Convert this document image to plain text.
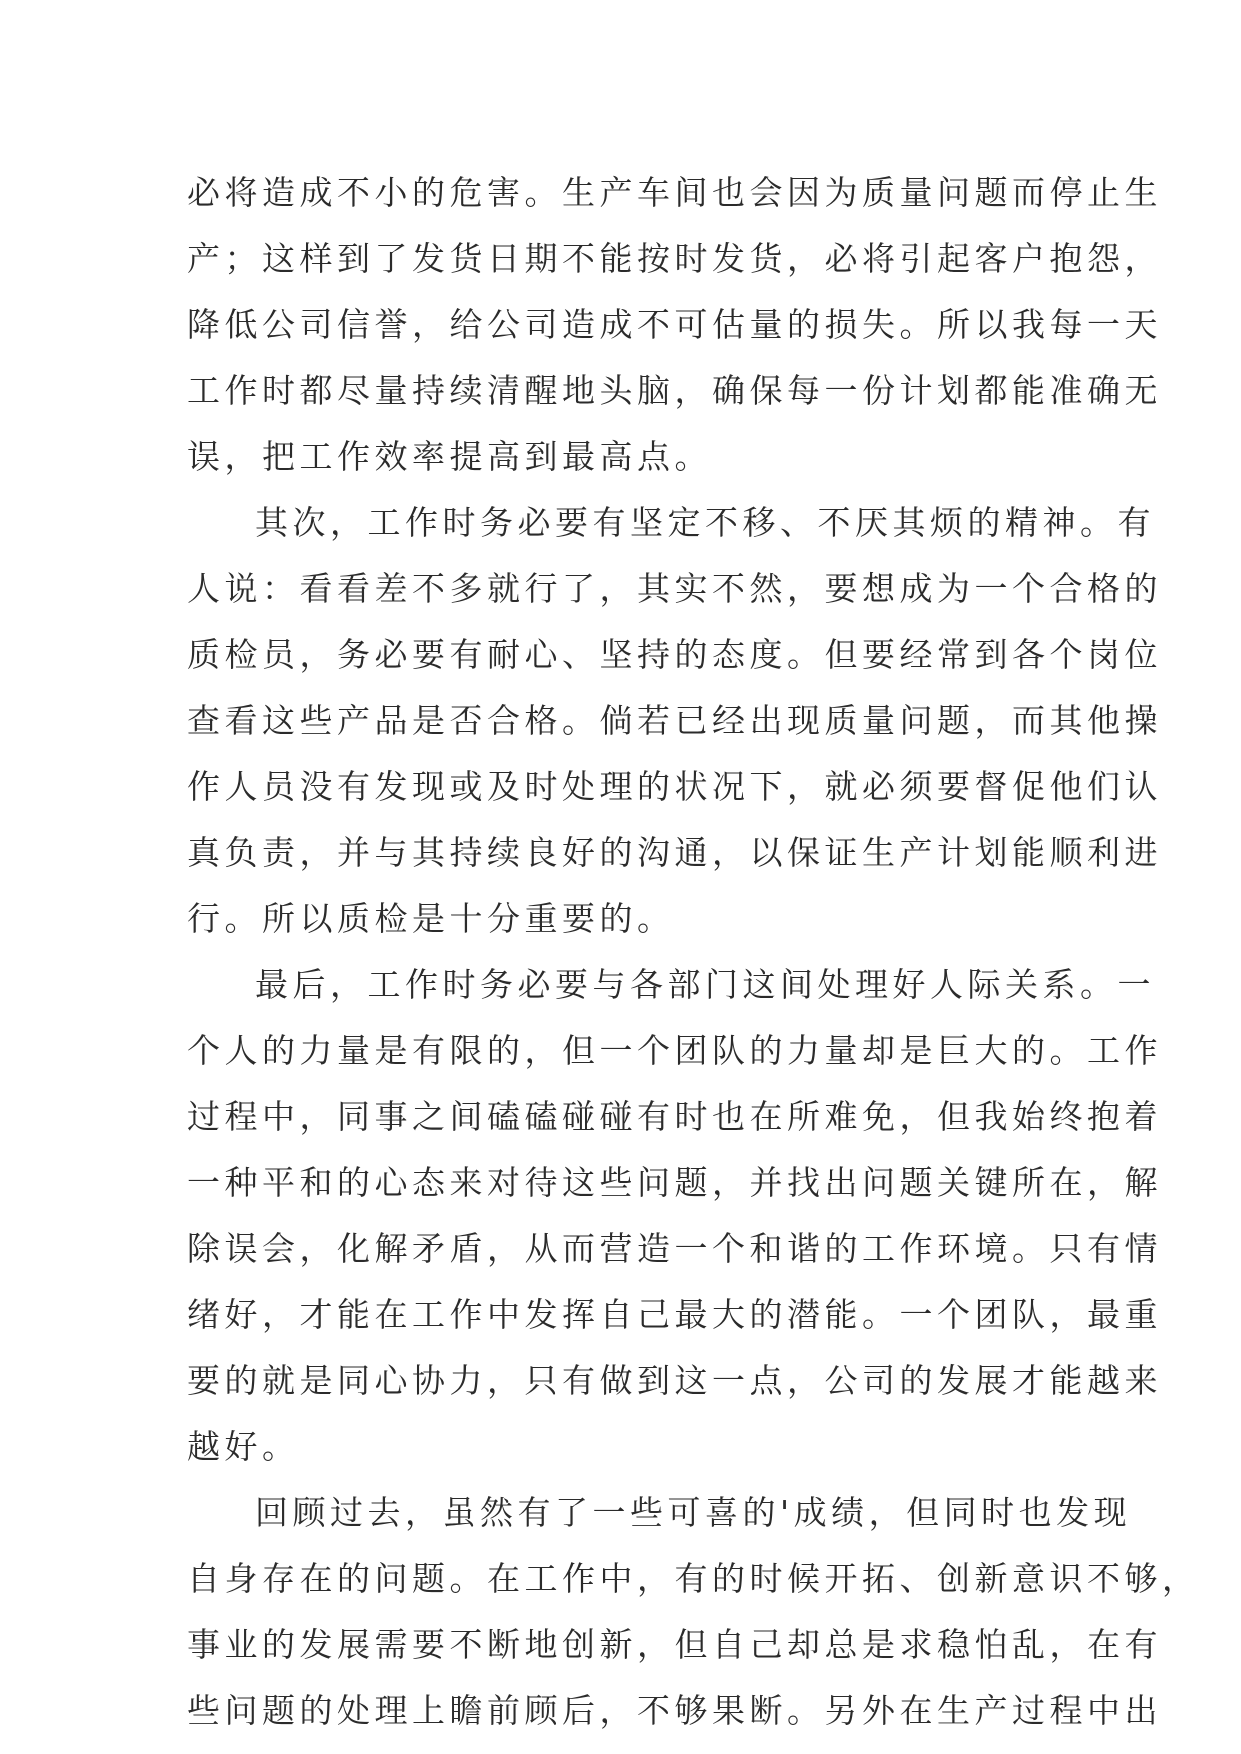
必将造成不小的危害。生产车间也会因为质量问题而停止生
产；这样到了发货日期不能按时发货，必将引起客户抱怨，
降低公司信誉，给公司造成不可估量的损失。所以我每一天
工作时都尽量持续清醒地头脑，确保每一份计划都能准确无
误，把工作效率提高到最高点。
其次，工作时务必要有坚定不移、不厌其烦的精神。有
人说：看看差不多就行了，其实不然，要想成为一个合格的
质检员，务必要有耐心、坚持的态度。但要经常到各个岗位
查看这些产品是否合格。倘若已经出现质量问题，而其他操
作人员没有发现或及时处理的状况下，就必须要督促他们认
真负责，并与其持续良好的沟通，以保证生产计划能顺利进
行。所以质检是十分重要的。
最后，工作时务必要与各部门这间处理好人际关系。一
个人的力量是有限的，但一个团队的力量却是巨大的。工作
过程中，同事之间磕磕碰碰有时也在所难免，但我始终抱着
一种平和的心态来对待这些问题，并找出问题关键所在，解
除误会，化解矛盾，从而营造一个和谐的工作环境。只有情
绪好，才能在工作中发挥自己最大的潜能。一个团队，最重
要的就是同心协力，只有做到这一点，公司的发展才能越来
越好。
回顾过去，虽然有了一些可喜的'成绩，但同时也发现
自身存在的问题。在工作中，有的时候开拓、创新意识不够，
事业的发展需要不断地创新，但自己却总是求稳怕乱，在有
些问题的处理上瞻前顾后，不够果断。另外在生产过程中出
